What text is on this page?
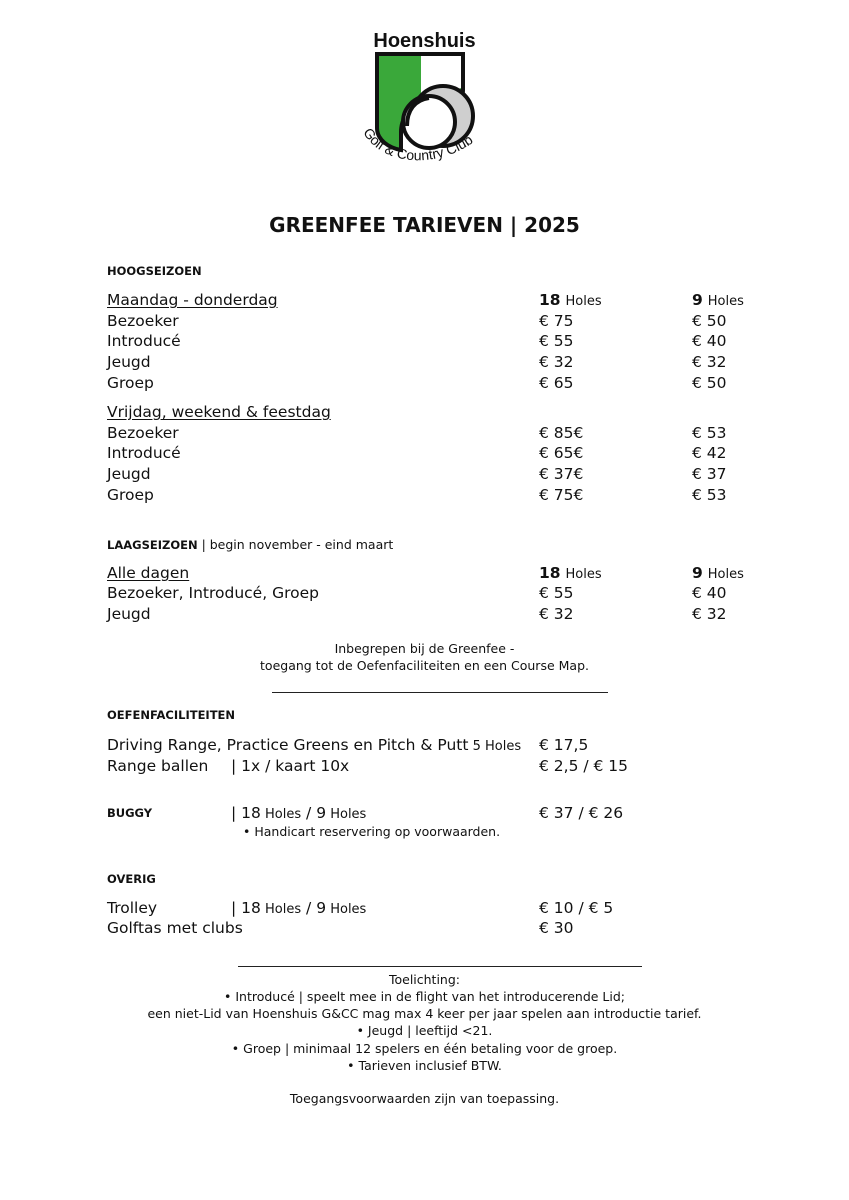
Hoenshuis
Golf & Country Club
GREENFEE TARIEVEN | 2025
HOOGSEIZOEN
Maandag - donderdag	18 Holes	9 Holes
Bezoeker	€ 75	€ 50
Introducé	€ 55	€ 40
Jeugd	€ 32	€ 32
Groep	€ 65	€ 50
Vrijdag, weekend & feestdag
Bezoeker	€ 85€	€ 53
Introducé	€ 65€	€ 42
Jeugd	€ 37€	€ 37
Groep	€ 75€	€ 53
LAAGSEIZOEN | begin november - eind maart
Alle dagen	18 Holes	9 Holes
Bezoeker, Introducé, Groep	€ 55	€ 40
Jeugd	€ 32	€ 32
Inbegrepen bij de Greenfee -
toegang tot de Oefenfaciliteiten en een Course Map.
OEFENFACILITEITEN
Driving Range, Practice Greens en Pitch & Putt 5 Holes € 17,5
Range ballen | 1x / kaart 10x	€ 2,5 / € 15
BUGGY	| 18 Holes / 9 Holes	€ 37 / € 26
• Handicart reservering op voorwaarden.
OVERIG
Trolley	| 18 Holes / 9 Holes	€ 10 / € 5
Golftas met clubs	€ 30
Toelichting:
• Introducé | speelt mee in de flight van het introducerende Lid;
een niet-Lid van Hoenshuis G&CC mag max 4 keer per jaar spelen aan introductie tarief.
• Jeugd | leeftijd <21.
• Groep | minimaal 12 spelers en één betaling voor de groep.
• Tarieven inclusief BTW.
Toegangsvoorwaarden zijn van toepassing.
